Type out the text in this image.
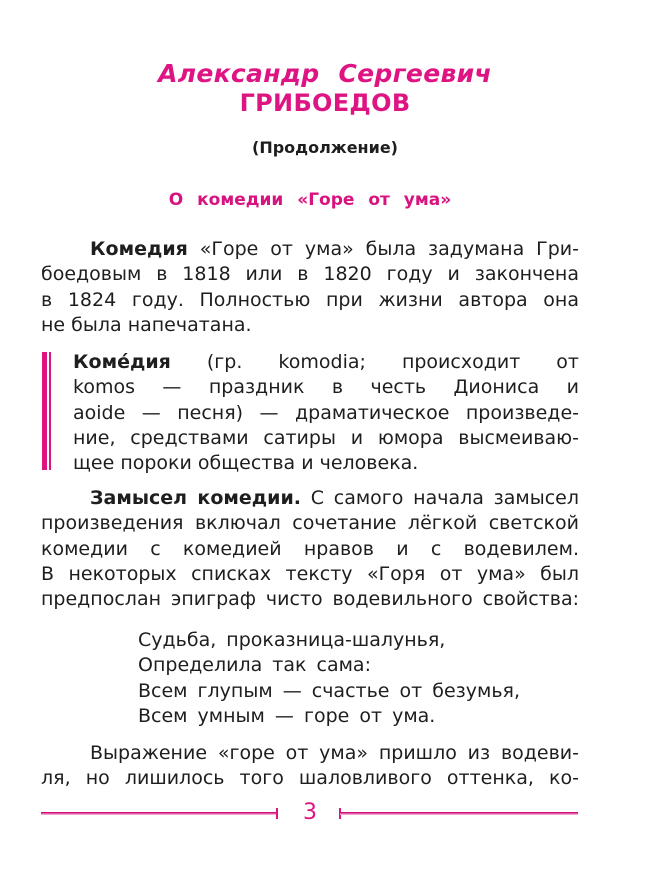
Александр Сергеевич
ГРИБОЕДОВ
(Продолжение)
О комедии «Горе от ума»
Комедия «Горе от ума» была задумана Гри-
боедовым в 1818 или в 1820 году и закончена
в 1824 году. Полностью при жизни автора она
не была напечатана.
Коме́дия (гр. komodia; происходит от
komos — праздник в честь Диониса и
aoide — песня) — драматическое произведе-
ние, средствами сатиры и юмора высмеиваю-
щее пороки общества и человека.
Замысел комедии. С самого начала замысел
произведения включал сочетание лёгкой светской
комедии с комедией нравов и с водевилем.
В некоторых списках тексту «Горя от ума» был
предпослан эпиграф чисто водевильного свойства:
Судьба, проказница-шалунья,
Определила так сама:
Всем глупым — счастье от безумья,
Всем умным — горе от ума.
Выражение «горе от ума» пришло из водеви-
ля, но лишилось того шаловливого оттенка, ко-
3
